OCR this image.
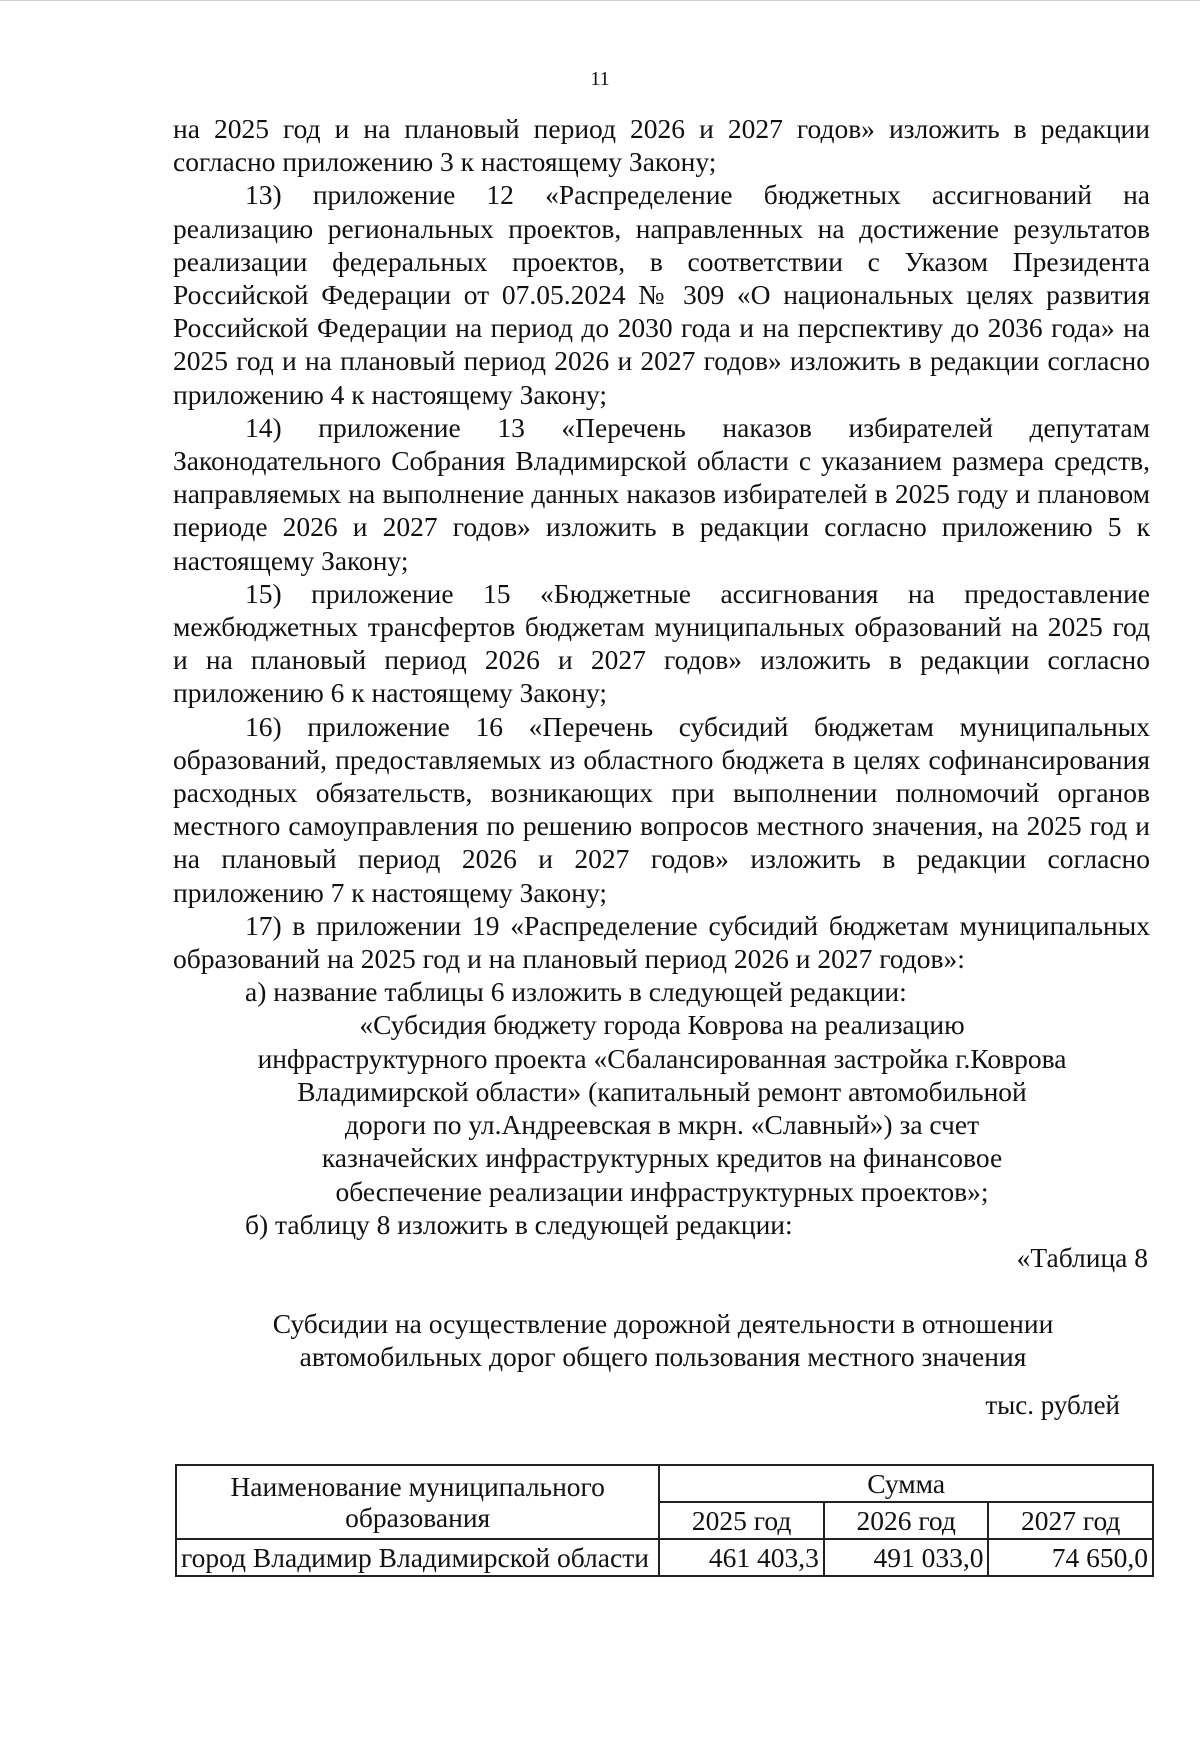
11

на 2025 год и на плановый период 2026 и 2027 годов» изложить в редакции согласно приложению 3 к настоящему Закону;

13) приложение 12 «Распределение бюджетных ассигнований на реализацию региональных проектов, направленных на достижение результатов реализации федеральных проектов, в соответствии с Указом Президента Российской Федерации от 07.05.2024 № 309 «О национальных целях развития Российской Федерации на период до 2030 года и на перспективу до 2036 года» на 2025 год и на плановый период 2026 и 2027 годов» изложить в редакции согласно приложению 4 к настоящему Закону;

14) приложение 13 «Перечень наказов избирателей депутатам Законодательного Собрания Владимирской области с указанием размера средств, направляемых на выполнение данных наказов избирателей в 2025 году и плановом периоде 2026 и 2027 годов» изложить в редакции согласно приложению 5 к настоящему Закону;

15) приложение 15 «Бюджетные ассигнования на предоставление межбюджетных трансфертов бюджетам муниципальных образований на 2025 год и на плановый период 2026 и 2027 годов» изложить в редакции согласно приложению 6 к настоящему Закону;

16) приложение 16 «Перечень субсидий бюджетам муниципальных образований, предоставляемых из областного бюджета в целях софинансирования расходных обязательств, возникающих при выполнении полномочий органов местного самоуправления по решению вопросов местного значения, на 2025 год и на плановый период 2026 и 2027 годов» изложить в редакции согласно приложению 7 к настоящему Закону;

17) в приложении 19 «Распределение субсидий бюджетам муниципальных образований на 2025 год и на плановый период 2026 и 2027 годов»:

а) название таблицы 6 изложить в следующей редакции:

«Субсидия бюджету города Коврова на реализацию
инфраструктурного проекта «Сбалансированная застройка г.Коврова
Владимирской области» (капитальный ремонт автомобильной
дороги по ул.Андреевская в мкрн. «Славный») за счет
казначейских инфраструктурных кредитов на финансовое
обеспечение реализации инфраструктурных проектов»;

б) таблицу 8 изложить в следующей редакции:

«Таблица 8

Субсидии на осуществление дорожной деятельности в отношении
автомобильных дорог общего пользования местного значения
тыс. рублей
Наименование муниципального образования	Сумма		
	2025 год	2026 год	2027 год
город Владимир Владимирской области	461 403,3	491 033,0	74 650,0
